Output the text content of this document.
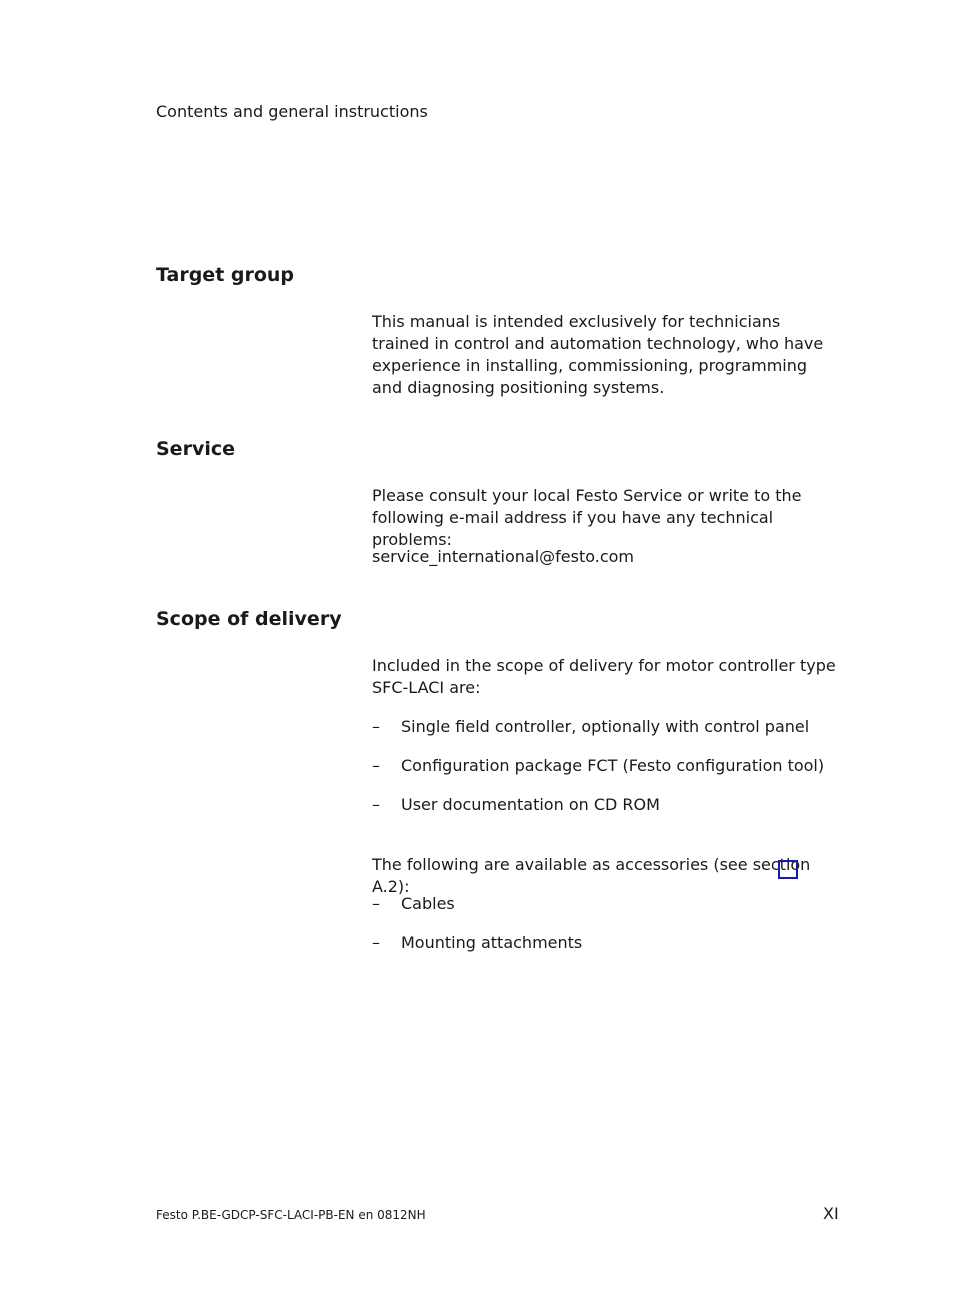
Contents and general instructions
Target group

This manual is intended exclusively for technicians trained in control and automation technology, who have experience in installing, commissioning, programming and diagnosing positioning systems.

Service

Please consult your local Festo Service or write to the following e-mail address if you have any technical problems:

service_international@festo.com

Scope of delivery

Included in the scope of delivery for motor controller type SFC-LACI are:

– Single field controller, optionally with control panel
– Configuration package FCT (Festo configuration tool)
– User documentation on CD ROM

The following are available as accessories (see section A.2):

– Cables
– Mounting attachments
Festo P.BE-GDCP-SFC-LACI-PB-EN en 0812NH	XI
